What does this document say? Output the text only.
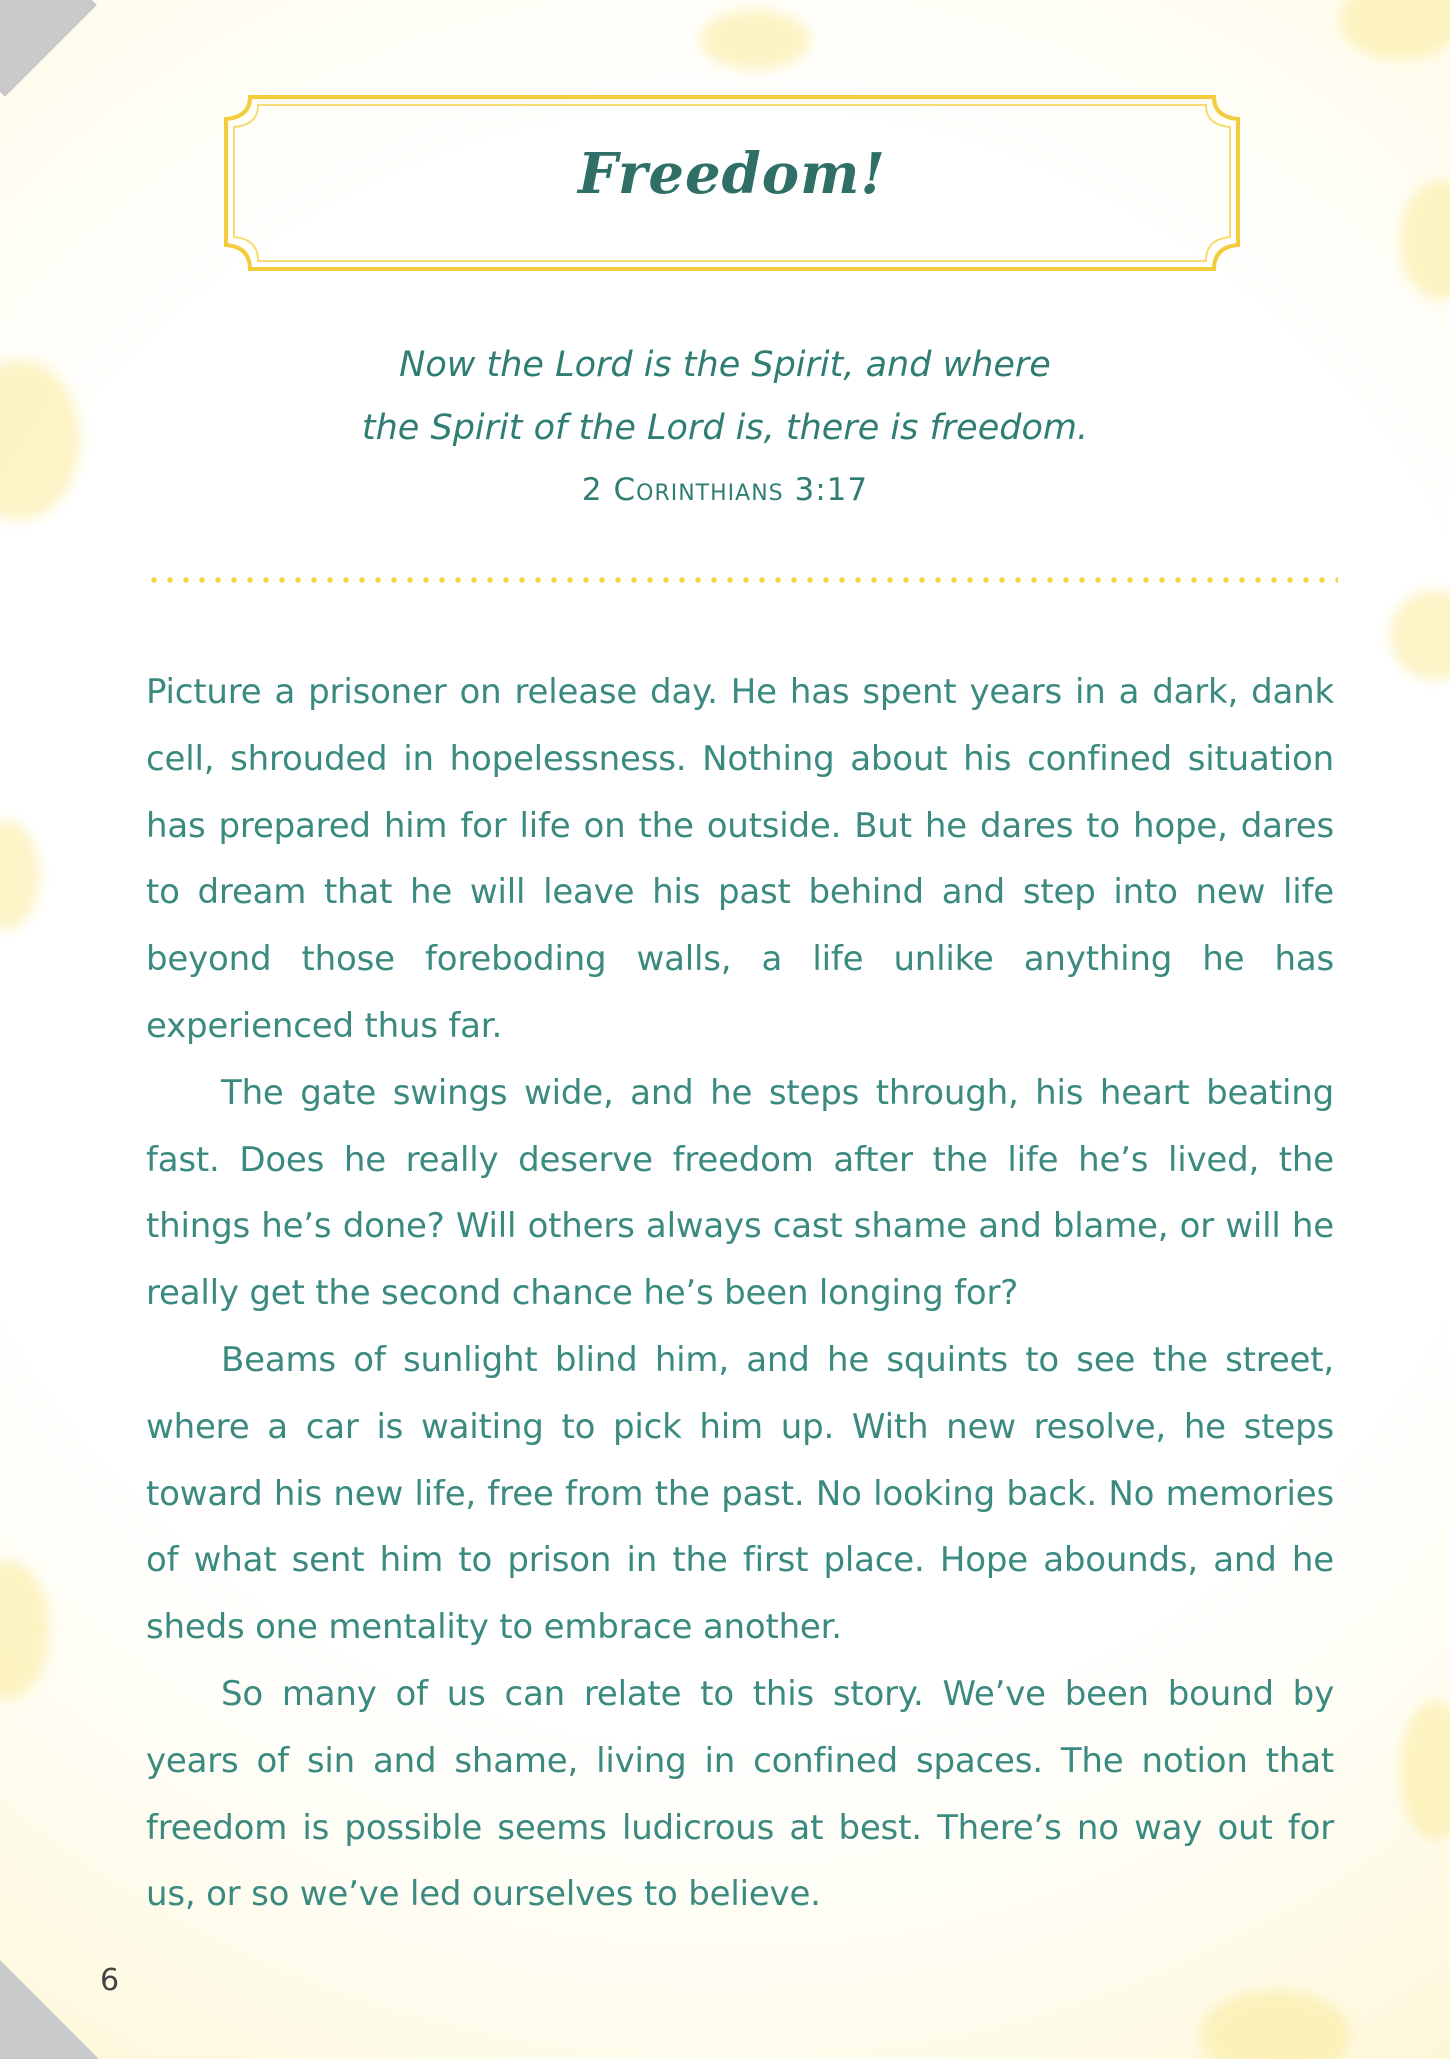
Freedom!
Now the Lord is the Spirit, and where
the Spirit of the Lord is, there is freedom.
2 Corinthians 3:17

Picture a prisoner on release day. He has spent years in a dark, dank cell, shrouded in hopelessness. Nothing about his confined situation has prepared him for life on the outside. But he dares to hope, dares to dream that he will leave his past behind and step into new life beyond those foreboding walls, a life unlike anything he has experienced thus far.

The gate swings wide, and he steps through, his heart beating fast. Does he really deserve freedom after the life he’s lived, the things he’s done? Will others always cast shame and blame, or will he really get the second chance he’s been longing for?

Beams of sunlight blind him, and he squints to see the street, where a car is waiting to pick him up. With new resolve, he steps toward his new life, free from the past. No looking back. No memories of what sent him to prison in the first place. Hope abounds, and he sheds one mentality to embrace another.

So many of us can relate to this story. We’ve been bound by years of sin and shame, living in confined spaces. The notion that freedom is possible seems ludicrous at best. There’s no way out for us, or so we’ve led ourselves to believe.

6
